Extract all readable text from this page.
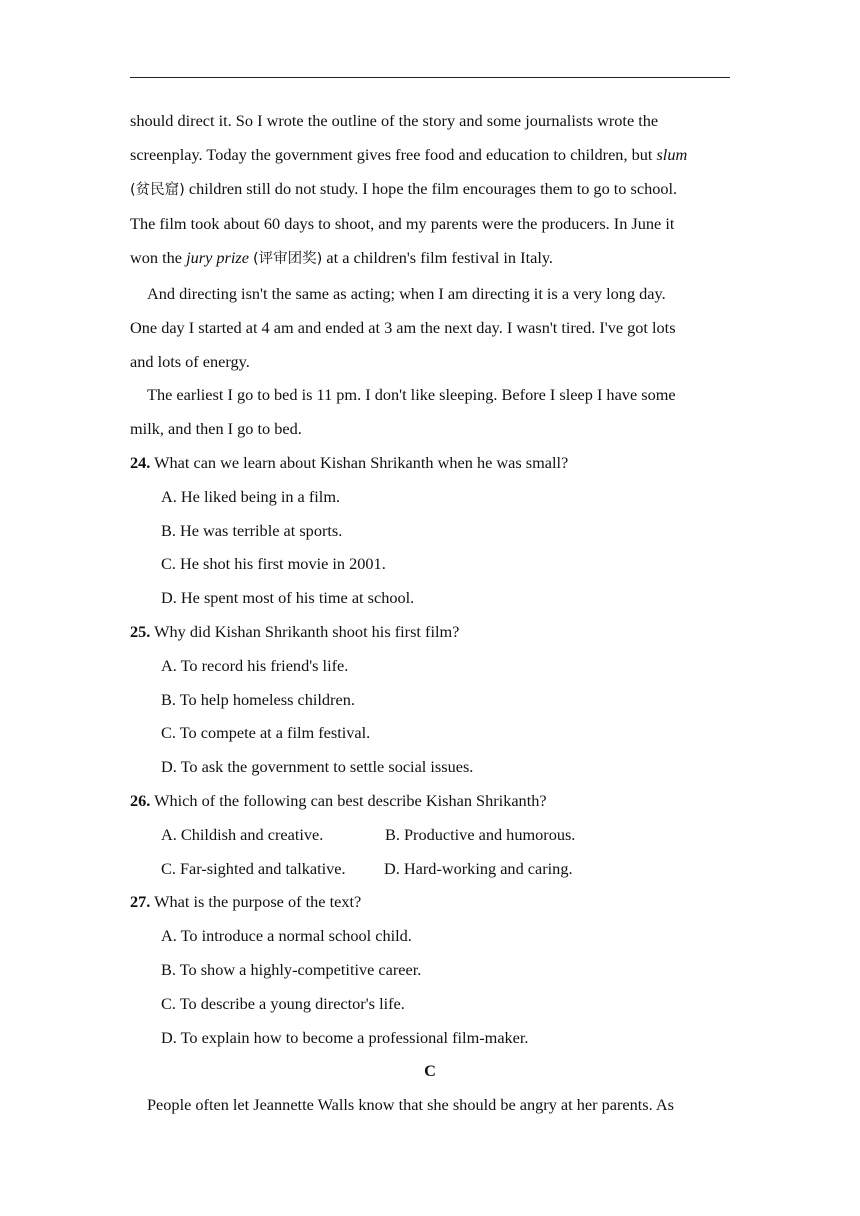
should direct it. So I wrote the outline of the story and some journalists wrote the
screenplay. Today the government gives free food and education to children, but slum
(贫民窟) children still do not study. I hope the film encourages them to go to school.
The film took about 60 days to shoot, and my parents were the producers. In June it
won the jury prize (评审团奖) at a children's film festival in Italy.
And directing isn't the same as acting; when I am directing it is a very long day.
One day I started at 4 am and ended at 3 am the next day. I wasn't tired. I've got lots
and lots of energy.
The earliest I go to bed is 11 pm. I don't like sleeping. Before I sleep I have some
milk, and then I go to bed.

24. What can we learn about Kishan Shrikanth when he was small?

A. He liked being in a film.

B. He was terrible at sports.

C. He shot his first movie in 2001.

D. He spent most of his time at school.

25. Why did Kishan Shrikanth shoot his first film?

A. To record his friend's life.

B. To help homeless children.

C. To compete at a film festival.

D. To ask the government to settle social issues.

26. Which of the following can best describe Kishan Shrikanth?

A. Childish and creative.	B. Productive and humorous.

C. Far-sighted and talkative.	D. Hard-working and caring.

27. What is the purpose of the text?

A. To introduce a normal school child.

B. To show a highly-competitive career.

C. To describe a young director's life.

D. To explain how to become a professional film-maker.

C

People often let Jeannette Walls know that she should be angry at her parents. As
